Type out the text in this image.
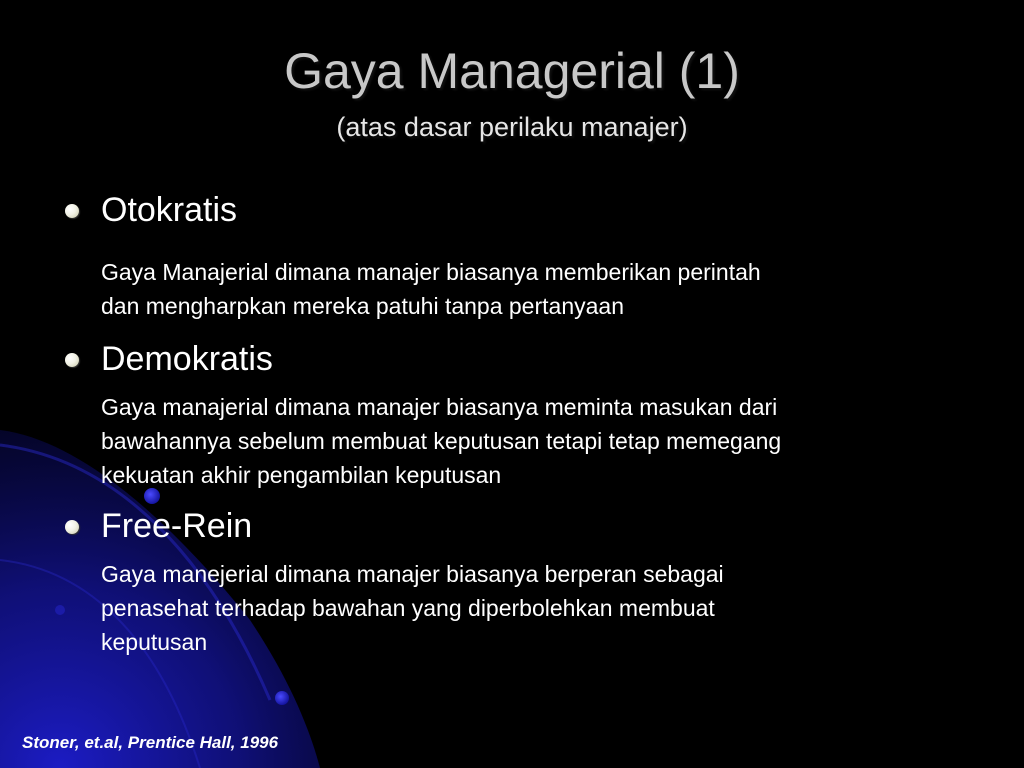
Gaya Managerial (1)
(atas dasar perilaku manajer)
Otokratis
Gaya Manajerial dimana manajer biasanya memberikan perintah
dan mengharpkan mereka patuhi tanpa pertanyaan
Demokratis
Gaya manajerial dimana manajer biasanya meminta masukan dari
bawahannya sebelum membuat keputusan tetapi tetap memegang
kekuatan akhir pengambilan keputusan
Free-Rein
Gaya manejerial dimana manajer biasanya berperan sebagai
penasehat terhadap bawahan yang diperbolehkan membuat
keputusan
Stoner, et.al, Prentice Hall, 1996
